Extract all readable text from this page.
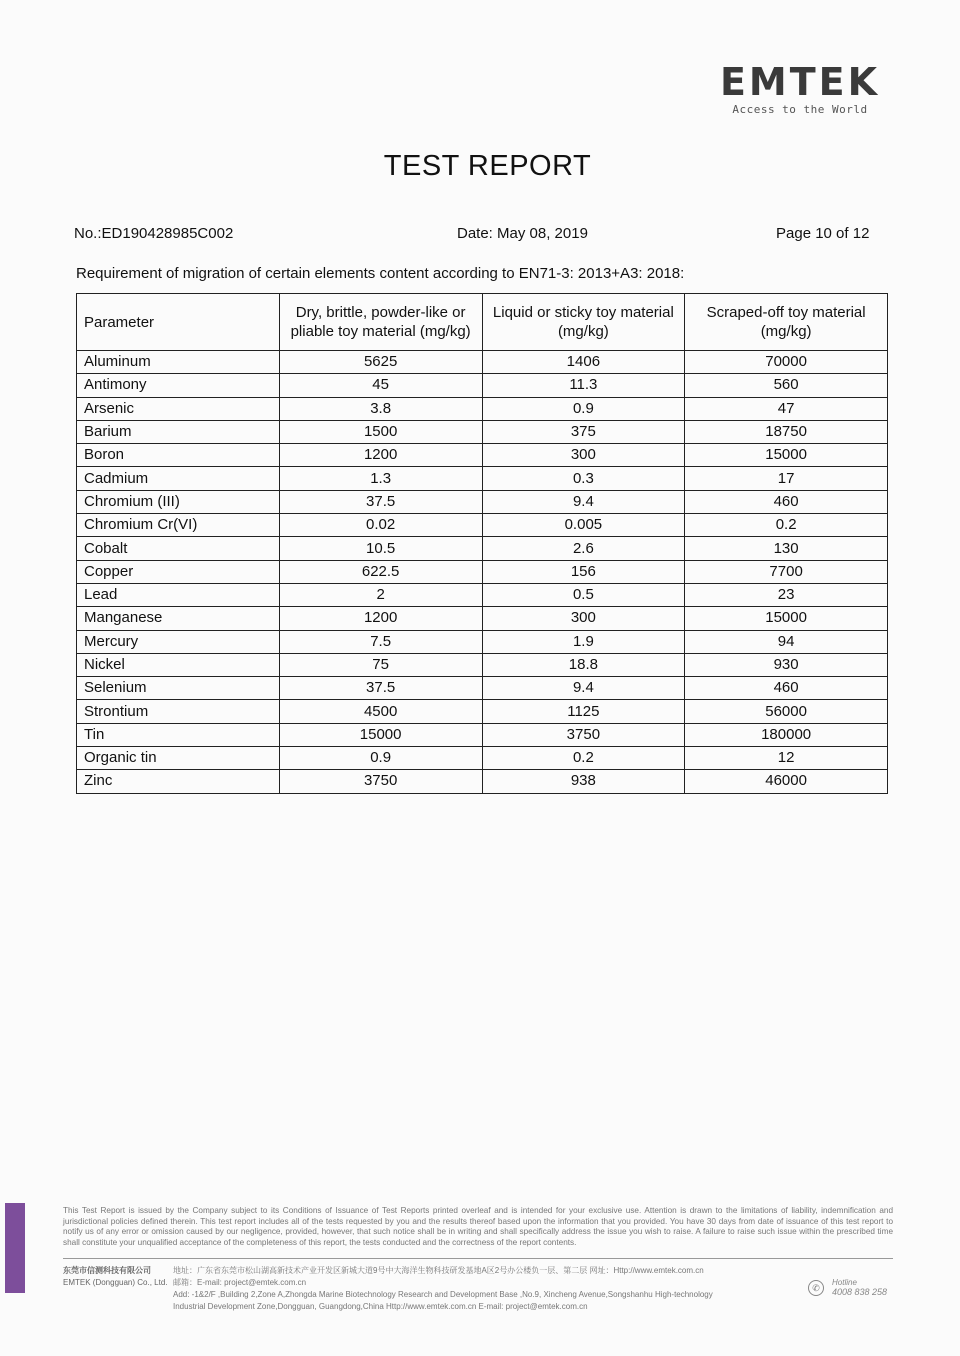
EMTEK
Access to the World
TEST REPORT
No.:ED190428985C002	Date: May 08, 2019	Page 10 of 12
Requirement of migration of certain elements content according to EN71-3: 2013+A3: 2018:
Parameter	Dry, brittle, powder-like or pliable toy material (mg/kg)	Liquid or sticky toy material (mg/kg)	Scraped-off toy material (mg/kg)
Aluminum	5625	1406	70000
Antimony	45	11.3	560
Arsenic	3.8	0.9	47
Barium	1500	375	18750
Boron	1200	300	15000
Cadmium	1.3	0.3	17
Chromium (III)	37.5	9.4	460
Chromium Cr(VI)	0.02	0.005	0.2
Cobalt	10.5	2.6	130
Copper	622.5	156	7700
Lead	2	0.5	23
Manganese	1200	300	15000
Mercury	7.5	1.9	94
Nickel	75	18.8	930
Selenium	37.5	9.4	460
Strontium	4500	1125	56000
Tin	15000	3750	180000
Organic tin	0.9	0.2	12
Zinc	3750	938	46000
This Test Report is issued by the Company subject to its Conditions of Issuance of Test Reports printed overleaf and is intended for your exclusive use. Attention is drawn to the limitations of liability, indemnification and jurisdictional policies defined therein. This test report includes all of the tests requested by you and the results thereof based upon the information that you provided. You have 30 days from date of issuance of this test report to notify us of any error or omission caused by our negligence, provided, however, that such notice shall be in writing and shall specifically address the issue you wish to raise. A failure to raise such issue within the prescribed time shall constitute your unqualified acceptance of the completeness of this report, the tests conducted and the correctness of the report contents.
东莞市信测科技有限公司
EMTEK (Dongguan) Co., Ltd.
地址：广东省东莞市松山湖高新技术产业开发区新城大道9号中大海洋生物科技研发基地A区2号办公楼负一层、第二层 网址：Http://www.emtek.com.cn
邮箱：E-mail: project@emtek.com.cn
Add: -1&2/F ,Building 2,Zone A,Zhongda Marine Biotechnology Research and Development Base ,No.9, Xincheng Avenue,Songshanhu High-technology
Industrial Development Zone,Dongguan, Guangdong,China Http://www.emtek.com.cn E-mail: project@emtek.com.cn
✆
Hotline
4008 838 258
